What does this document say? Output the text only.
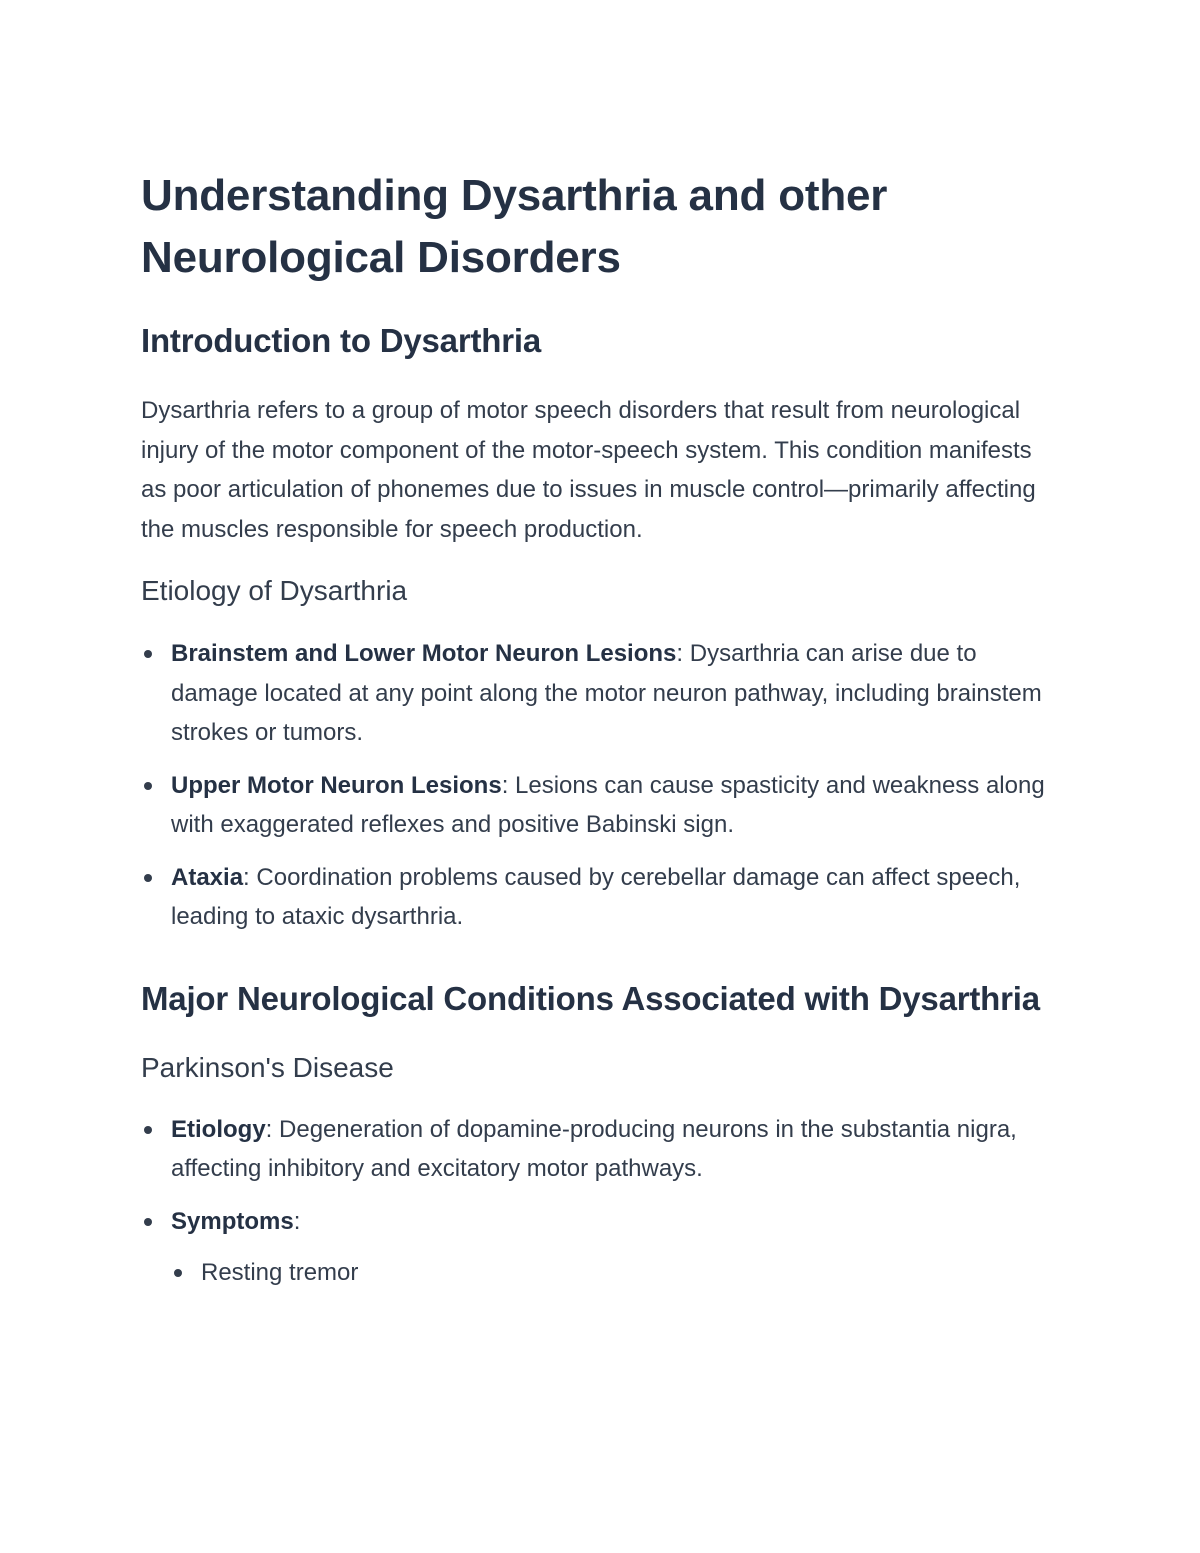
Understanding Dysarthria and other Neurological Disorders
Introduction to Dysarthria

Dysarthria refers to a group of motor speech disorders that result from neurological injury of the motor component of the motor-speech system. This condition manifests as poor articulation of phonemes due to issues in muscle control—primarily affecting the muscles responsible for speech production.

Etiology of Dysarthria
Brainstem and Lower Motor Neuron Lesions: Dysarthria can arise due to damage located at any point along the motor neuron pathway, including brainstem strokes or tumors.
Upper Motor Neuron Lesions: Lesions can cause spasticity and weakness along with exaggerated reflexes and positive Babinski sign.
Ataxia: Coordination problems caused by cerebellar damage can affect speech, leading to ataxic dysarthria.
Major Neurological Conditions Associated with Dysarthria
Parkinson's Disease
Etiology: Degeneration of dopamine-producing neurons in the substantia nigra, affecting inhibitory and excitatory motor pathways.
Symptoms:
Resting tremor
